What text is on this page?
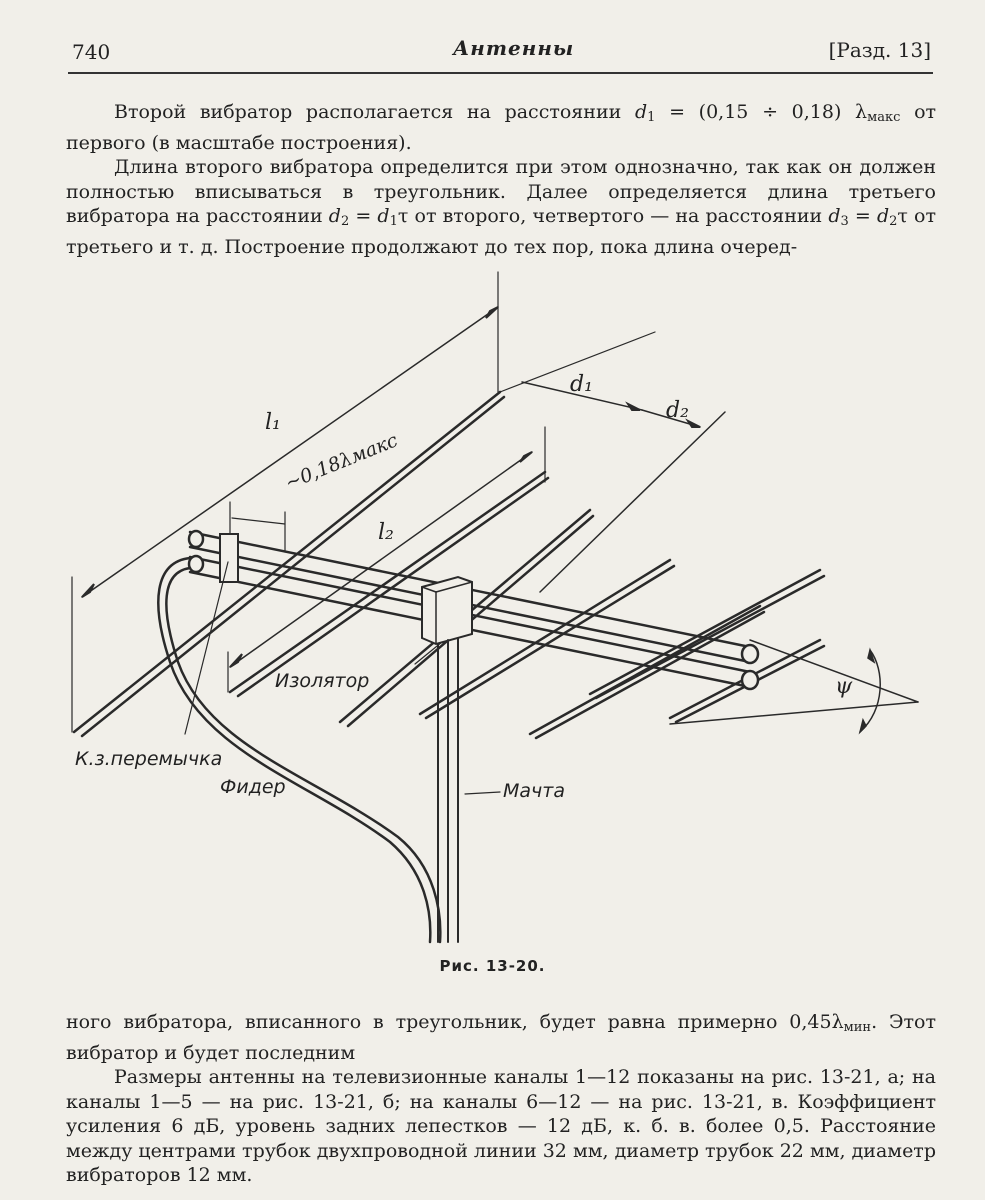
740	Антенны	[Разд. 13]

Второй вибратор располагается на расстоянии $d_1 = (0,15 \div 0,18)$ $\lambda_{макс}$ от первого (в масштабе построения).

Длина второго вибратора определится при этом однозначно, так как он должен полностью вписываться в треугольник. Далее определяется длина третьего вибратора на расстоянии $d_2 = d_1\tau$ от второго, четвертого — на расстоянии $d_3 = d_2\tau$ от третьего и т. д. Построение продолжают до тех пор, пока длина очеред-

l₁
l₂
d₁
d₂
~0,18λмакс
ψ
Изолятор
К.з.перемычка
Фидер	Мачта
Рис. 13-20.

ного вибратора, вписанного в треугольник, будет равна примерно $0,45\lambda_{мин}$. Этот вибратор и будет последним

Размеры антенны на телевизионные каналы 1—12 показаны на рис. 13-21, а; на каналы 1—5 — на рис. 13-21, б; на каналы 6—12 — на рис. 13-21, в. Коэффициент усиления 6 дБ, уровень задних лепестков — 12 дБ, к. б. в. более 0,5. Расстояние между центрами трубок двухпроводной линии 32 мм, диаметр трубок 22 мм, диаметр вибраторов 12 мм.
